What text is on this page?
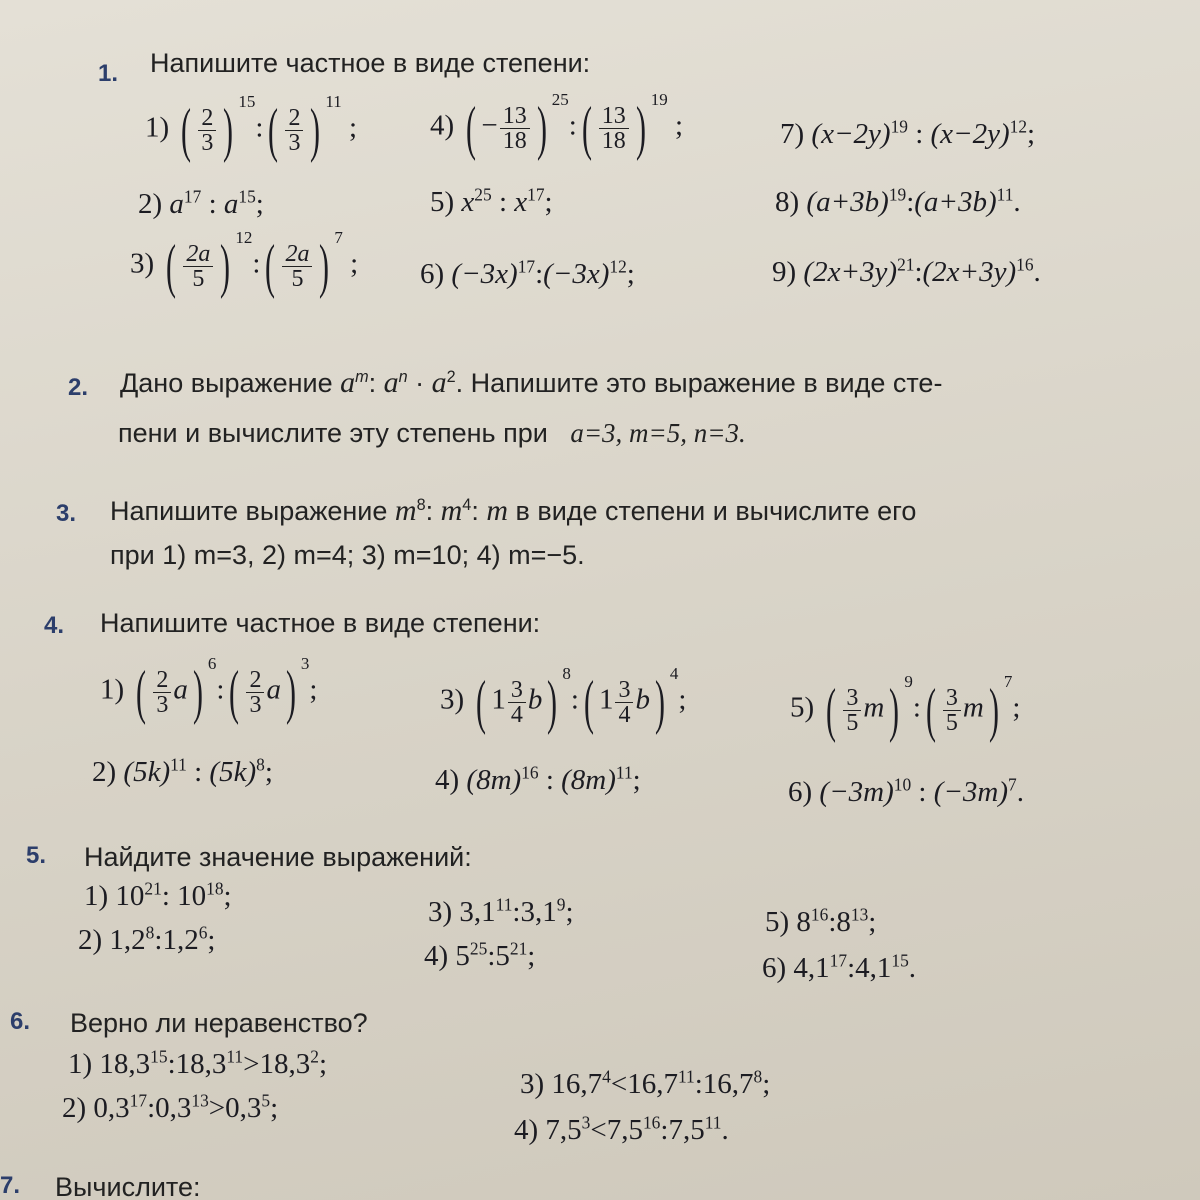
1. Напишите частное в виде степени:
1) ( $\frac{2}{3}$ ) $^{15}$:( $\frac{2}{3}$ ) $^{11}$ ;
2) $a^{17}$ : $a^{15}$;
3) ( $\frac{2a}{5}$ ) $^{12}$:( $\frac{2a}{5}$ ) $^7$ ;
4) ( − $\frac{13}{18}$ ) $^{25}$:( $\frac{13}{18}$ ) $^{19}$ ;
5) $x^{25}$ : $x^{17}$;
6) $(-3x)^{17}:(-3x)^{12}$;
7) $(x-2y)^{19}$ : $(x-2y)^{12}$;
8) $(a+3b)^{19}:(a+3b)^{11}$.
9) $(2x+3y)^{21}:(2x+3y)^{16}$.
2. Дано выражение $a^m$: $a^n \cdot a^2$. Напишите это выражение в виде сте-
пени и вычислите эту степень при a=3, m=5, n=3.
3. Напишите выражение $m^8$: $m^4$: m в виде степени и вычислите его
при 1) m=3, 2) m=4; 3) m=10; 4) m=−5.
4. Напишите частное в виде степени:
1) ( $\frac{2}{3} a$) $^6$:( $\frac{2}{3} a$) $^3$;
2) $(5k)^{11}$ : $(5k)^8$;
3) ( $1 \frac{3}{4} b$) $^8$:( $1 \frac{3}{4} b$) $^4$;
4) $(8m)^{16}$ : $(8m)^{11}$;
5) ( $\frac{3}{5} m$) $^9$:( $\frac{3}{5} m$) $^7$;
6) $(-3m)^{10}$ : $(-3m)^7$.
5. Найдите значение выражений:
1) $10^{21}$: $10^{18}$;
2) $1,2^8:1,2^6$;
3) $3,1^{11}:3,1^9$;
4) $5^{25}:5^{21}$;
5) $8^{16}:8^{13}$;
6) $4,1^{17}:4,1^{15}$.
6. Верно ли неравенство?
1) $18,3^{15}:18,3^{11}>18,3^2$;
2) $0,3^{17}:0,3^{13}>0,3^5$;
3) $16,7^4<16,7^{11}:16,7^8$;
4) $7,5^3<7,5^{16}:7,5^{11}$.
7. Вычислите:
